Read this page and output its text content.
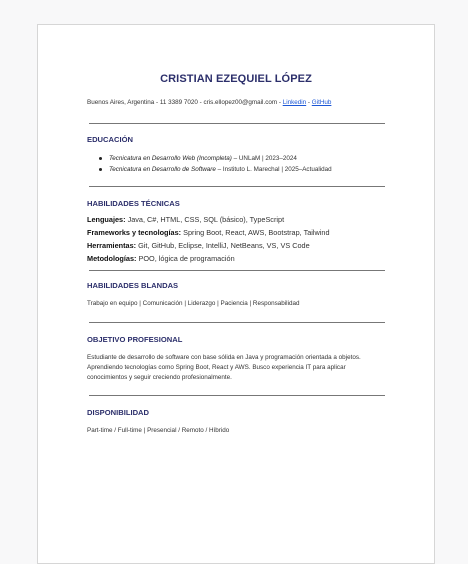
CRISTIAN EZEQUIEL LÓPEZ
Buenos Aires, Argentina - 11 3389 7020 - cris.ellopez00@gmail.com - Linkedin - GitHub
EDUCACIÓN
Tecnicatura en Desarrollo Web (Incompleta) – UNLaM | 2023–2024
Tecnicatura en Desarrollo de Software – Instituto L. Marechal | 2025–Actualidad
HABILIDADES TÉCNICAS
Lenguajes: Java, C#, HTML, CSS, SQL (básico), TypeScript
Frameworks y tecnologías: Spring Boot, React, AWS, Bootstrap, Tailwind
Herramientas: Git, GitHub, Eclipse, IntelliJ, NetBeans, VS, VS Code
Metodologías: POO, lógica de programación
HABILIDADES BLANDAS
Trabajo en equipo | Comunicación | Liderazgo | Paciencia | Responsabilidad
OBJETIVO PROFESIONAL
Estudiante de desarrollo de software con base sólida en Java y programación orientada a objetos. Aprendiendo tecnologías como Spring Boot, React y AWS. Busco experiencia IT para aplicar conocimientos y seguir creciendo profesionalmente.
DISPONIBILIDAD
Part-time / Full-time | Presencial / Remoto / Híbrido
